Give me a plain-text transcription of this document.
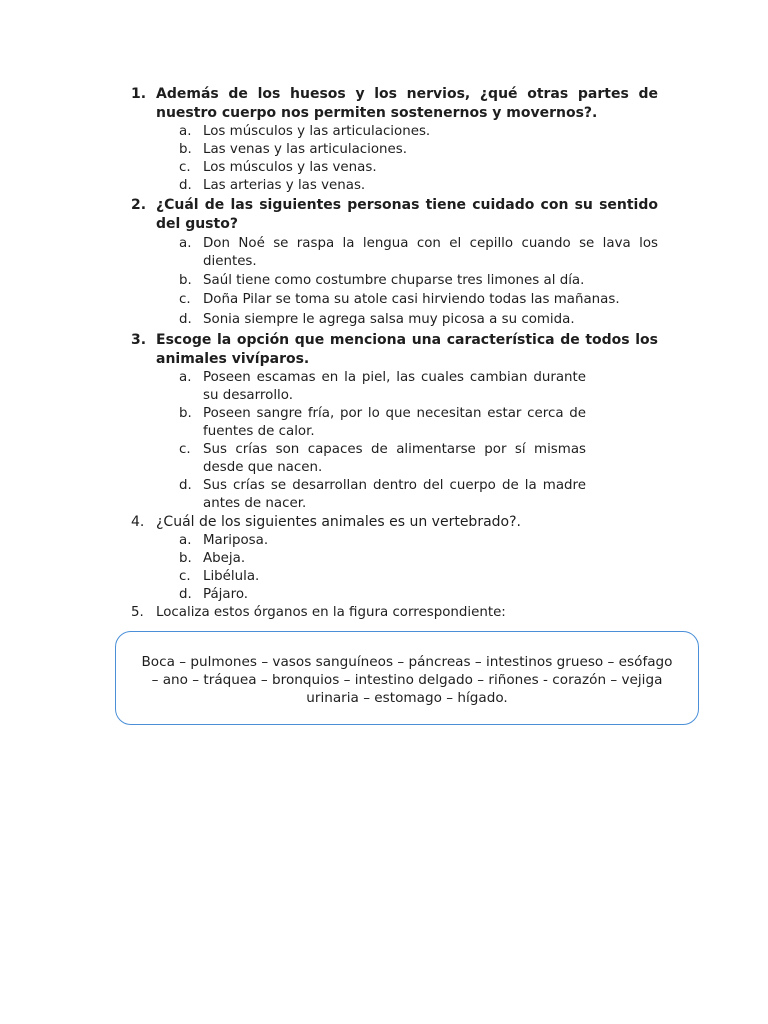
1. Además de los huesos y los nervios, ¿qué otras partes de nuestro cuerpo nos permiten sostenernos y movernos?.
a. Los músculos y las articulaciones.
b. Las venas y las articulaciones.
c. Los músculos y las venas.
d. Las arterias y las venas.
2. ¿Cuál de las siguientes personas tiene cuidado con su sentido del gusto?
a. Don Noé se raspa la lengua con el cepillo cuando se lava los dientes.
b. Saúl tiene como costumbre chuparse tres limones al día.
c. Doña Pilar se toma su atole casi hirviendo todas las mañanas.
d. Sonia siempre le agrega salsa muy picosa a su comida.
3. Escoge la opción que menciona una característica de todos los animales vivíparos.
a. Poseen escamas en la piel, las cuales cambian durante su desarrollo.
b. Poseen sangre fría, por lo que necesitan estar cerca de fuentes de calor.
c. Sus crías son capaces de alimentarse por sí mismas desde que nacen.
d. Sus crías se desarrollan dentro del cuerpo de la madre antes de nacer.
4. ¿Cuál de los siguientes animales es un vertebrado?.
a. Mariposa.
b. Abeja.
c. Libélula.
d. Pájaro.
5. Localiza estos órganos en la figura correspondiente:
Boca – pulmones – vasos sanguíneos – páncreas – intestinos grueso – esófago
– ano – tráquea – bronquios – intestino delgado – riñones - corazón – vejiga
urinaria – estomago – hígado.
